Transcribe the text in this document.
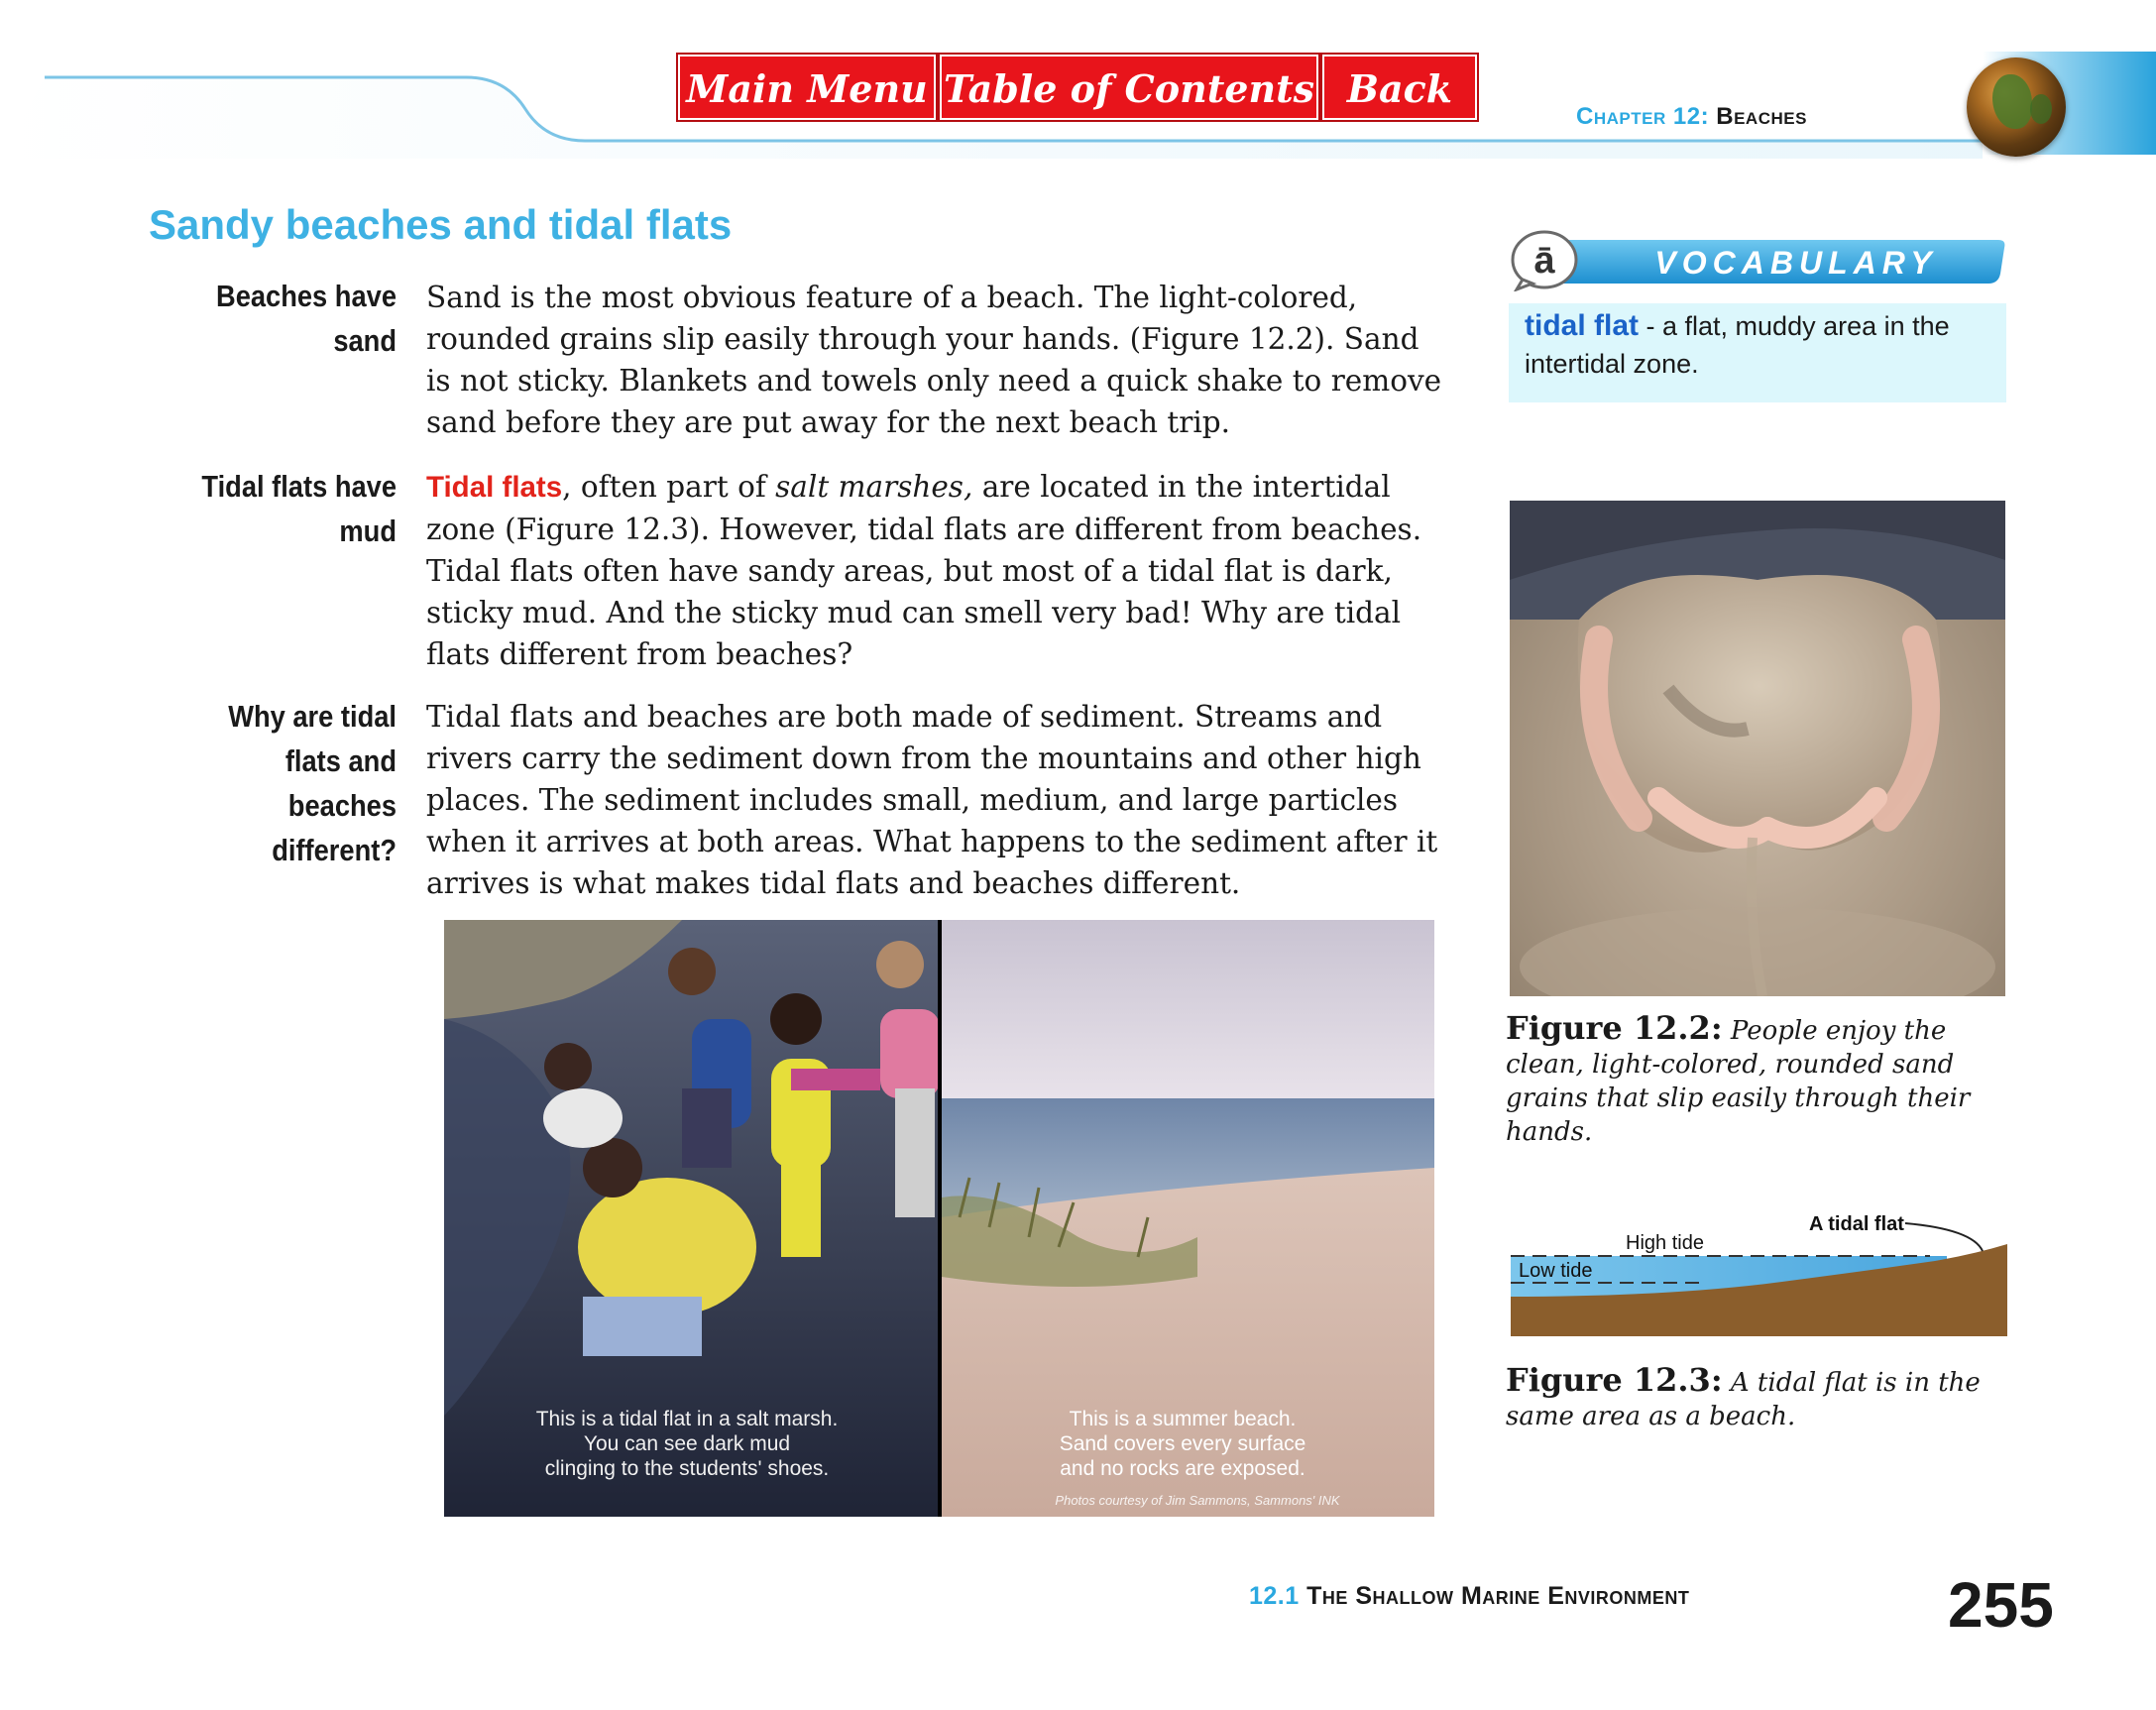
Main Menu Table of Contents Back
Chapter 12: Beaches
Sandy beaches and tidal flats
Beaches have sand
Sand is the most obvious feature of a beach. The light-colored, rounded grains slip easily through your hands. (Figure 12.2). Sand is not sticky. Blankets and towels only need a quick shake to remove sand before they are put away for the next beach trip.
Tidal flats have mud
Tidal flats, often part of salt marshes, are located in the intertidal zone (Figure 12.3). However, tidal flats are different from beaches. Tidal flats often have sandy areas, but most of a tidal flat is dark, sticky mud. And the sticky mud can smell very bad! Why are tidal flats different from beaches?
Why are tidal flats and beaches different?
Tidal flats and beaches are both made of sediment. Streams and rivers carry the sediment down from the mountains and other high places. The sediment includes small, medium, and large particles when it arrives at both areas. What happens to the sediment after it arrives is what makes tidal flats and beaches different.
ā	VOCABULARY
tidal flat - a flat, muddy area in the intertidal zone.
Figure 12.2: People enjoy the clean, light-colored, rounded sand grains that slip easily through their hands.
A tidal flat
High tide
Low tide
Figure 12.3: A tidal flat is in the same area as a beach.
This is a tidal flat in a salt marsh.
You can see dark mud
clinging to the students' shoes.
This is a summer beach.
Sand covers every surface
and no rocks are exposed.
Photos courtesy of Jim Sammons, Sammons' INK
12.1 The Shallow Marine Environment	255
